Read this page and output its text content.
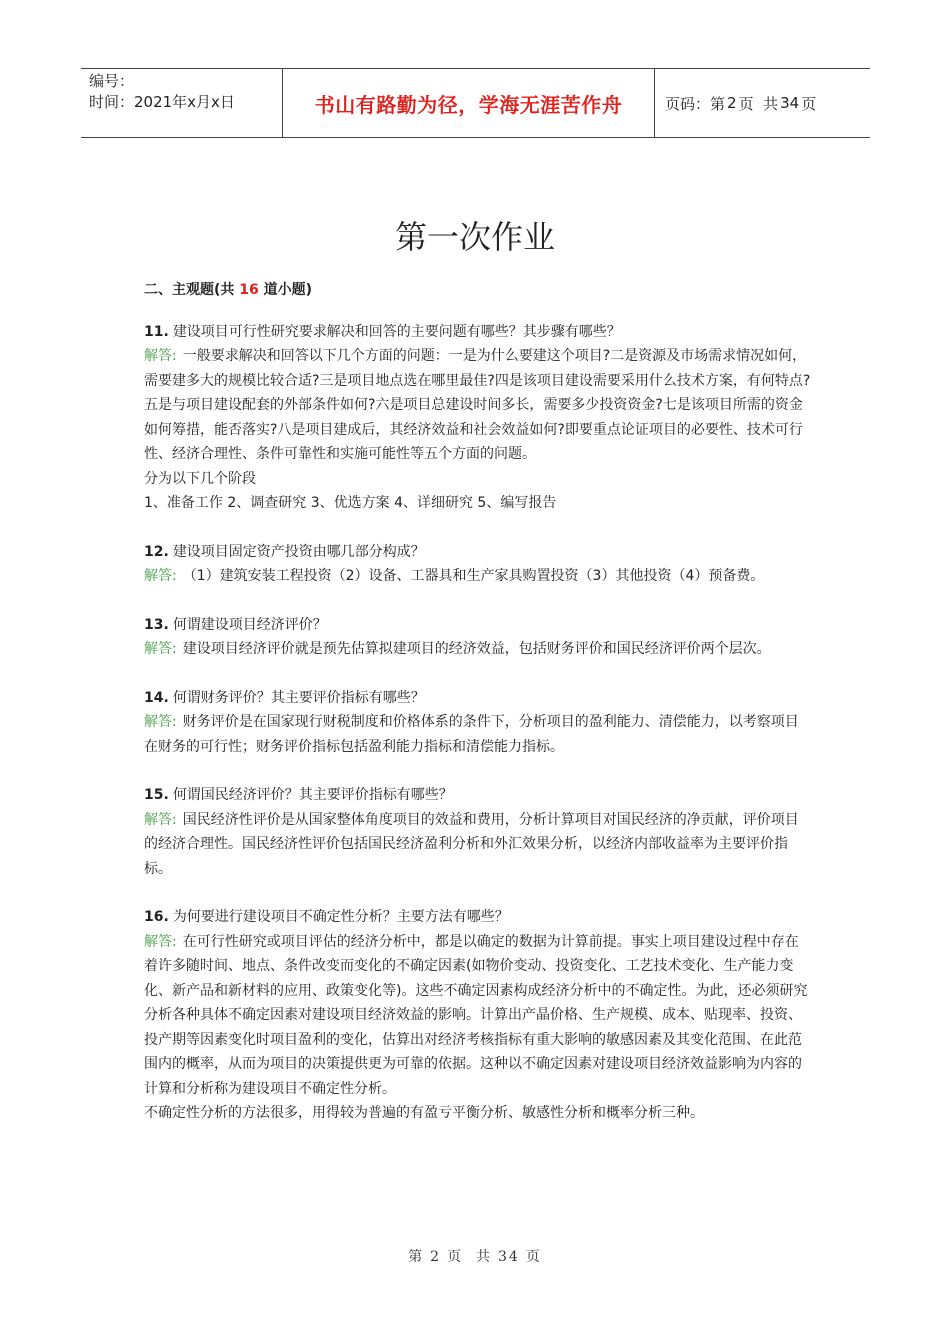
编号：
时间：2021年x月x日	书山有路勤为径，学海无涯苦作舟	页码：第 2 页  共 34 页
第一次作业
二、主观题(共 16 道小题)
11. 建设项目可行性研究要求解决和回答的主要问题有哪些？其步骤有哪些？
解答: 一般要求解决和回答以下几个方面的问题：一是为什么要建这个项目?二是资源及市场需求情况如何，需要建多大的规模比较合适?三是项目地点选在哪里最佳?四是该项目建设需要采用什么技术方案，有何特点?五是与项目建设配套的外部条件如何?六是项目总建设时间多长，需要多少投资资金?七是该项目所需的资金如何筹措，能否落实?八是项目建成后，其经济效益和社会效益如何?即要重点论证项目的必要性、技术可行性、经济合理性、条件可靠性和实施可能性等五个方面的问题。
分为以下几个阶段
1、准备工作 2、调查研究 3、优选方案 4、详细研究 5、编写报告
12. 建设项目固定资产投资由哪几部分构成？
解答: （1）建筑安装工程投资（2）设备、工器具和生产家具购置投资（3）其他投资（4）预备费。
13. 何谓建设项目经济评价？
解答: 建设项目经济评价就是预先估算拟建项目的经济效益，包括财务评价和国民经济评价两个层次。
14. 何谓财务评价？其主要评价指标有哪些？
解答: 财务评价是在国家现行财税制度和价格体系的条件下，分析项目的盈利能力、清偿能力，以考察项目在财务的可行性；财务评价指标包括盈利能力指标和清偿能力指标。
15. 何谓国民经济评价？其主要评价指标有哪些？
解答: 国民经济性评价是从国家整体角度项目的效益和费用，分析计算项目对国民经济的净贡献，评价项目的经济合理性。国民经济性评价包括国民经济盈利分析和外汇效果分析，以经济内部收益率为主要评价指标。
16. 为何要进行建设项目不确定性分析？主要方法有哪些？
解答: 在可行性研究或项目评估的经济分析中，都是以确定的数据为计算前提。事实上项目建设过程中存在着许多随时间、地点、条件改变而变化的不确定因素(如物价变动、投资变化、工艺技术变化、生产能力变化、新产品和新材料的应用、政策变化等)。这些不确定因素构成经济分析中的不确定性。为此，还必须研究分析各种具体不确定因素对建设项目经济效益的影响。计算出产晶价格、生产规模、成本、贴现率、投资、投产期等因素变化时项目盈利的变化，估算出对经济考核指标有重大影响的敏感因素及其变化范围、在此范围内的概率，从而为项目的决策提供更为可靠的依据。这种以不确定因素对建设项目经济效益影响为内容的计算和分析称为建设项目不确定性分析。
不确定性分析的方法很多，用得较为普遍的有盈亏平衡分析、敏感性分析和概率分析三种。
第 2 页  共 34 页
